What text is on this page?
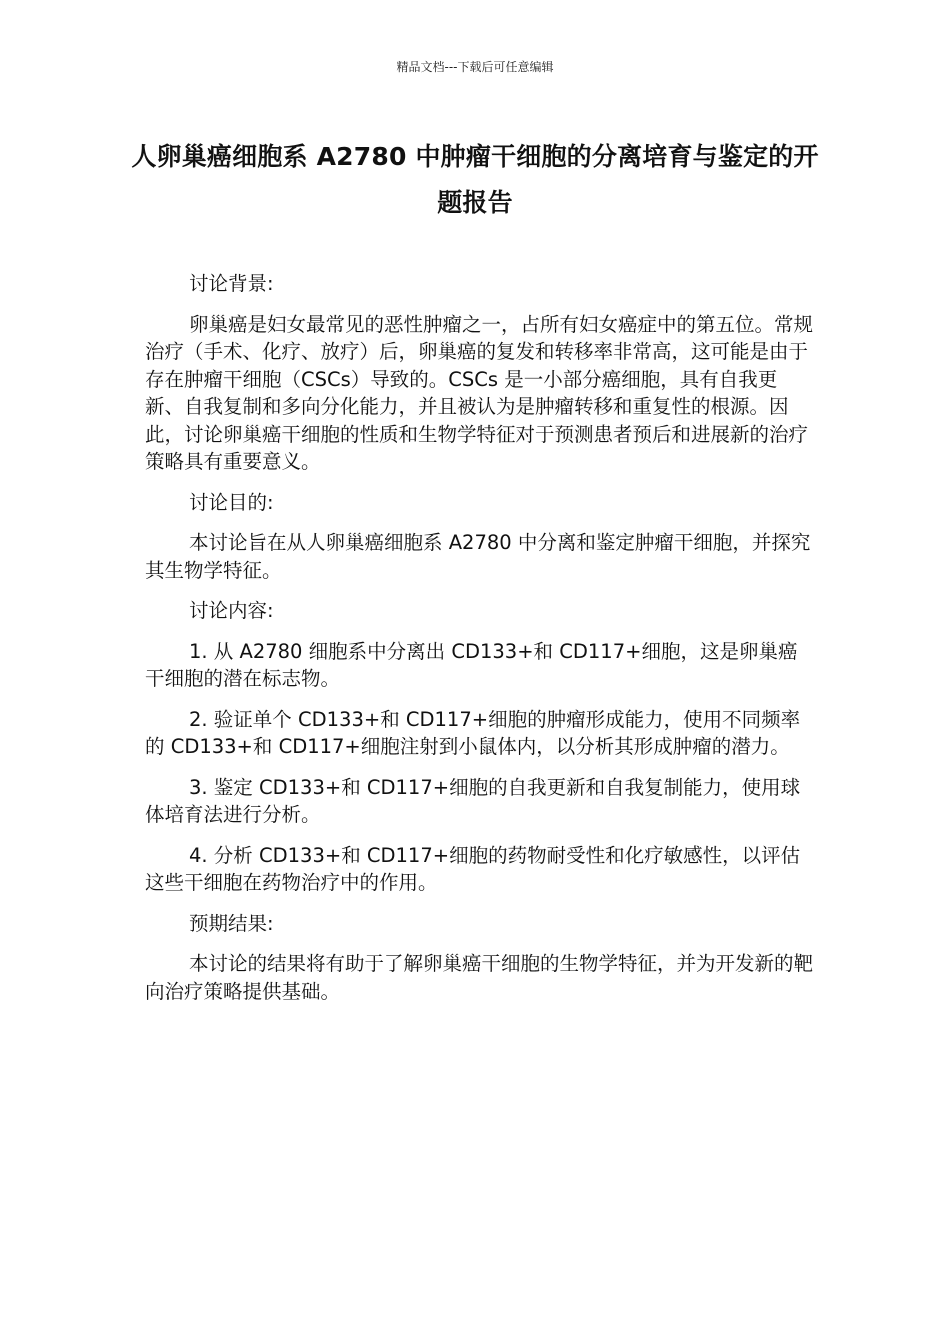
精品文档---下载后可任意编辑
人卵巢癌细胞系 A2780 中肿瘤干细胞的分离培育与鉴定的开题报告

讨论背景:

卵巢癌是妇女最常见的恶性肿瘤之一，占所有妇女癌症中的第五位。常规治疗（手术、化疗、放疗）后，卵巢癌的复发和转移率非常高，这可能是由于存在肿瘤干细胞（CSCs）导致的。CSCs 是一小部分癌细胞，具有自我更新、自我复制和多向分化能力，并且被认为是肿瘤转移和重复性的根源。因此，讨论卵巢癌干细胞的性质和生物学特征对于预测患者预后和进展新的治疗策略具有重要意义。

讨论目的:

本讨论旨在从人卵巢癌细胞系 A2780 中分离和鉴定肿瘤干细胞，并探究其生物学特征。

讨论内容:

1. 从 A2780 细胞系中分离出 CD133+和 CD117+细胞，这是卵巢癌干细胞的潜在标志物。

2. 验证单个 CD133+和 CD117+细胞的肿瘤形成能力，使用不同频率的 CD133+和 CD117+细胞注射到小鼠体内，以分析其形成肿瘤的潜力。

3. 鉴定 CD133+和 CD117+细胞的自我更新和自我复制能力，使用球体培育法进行分析。

4. 分析 CD133+和 CD117+细胞的药物耐受性和化疗敏感性，以评估这些干细胞在药物治疗中的作用。

预期结果:

本讨论的结果将有助于了解卵巢癌干细胞的生物学特征，并为开发新的靶向治疗策略提供基础。
